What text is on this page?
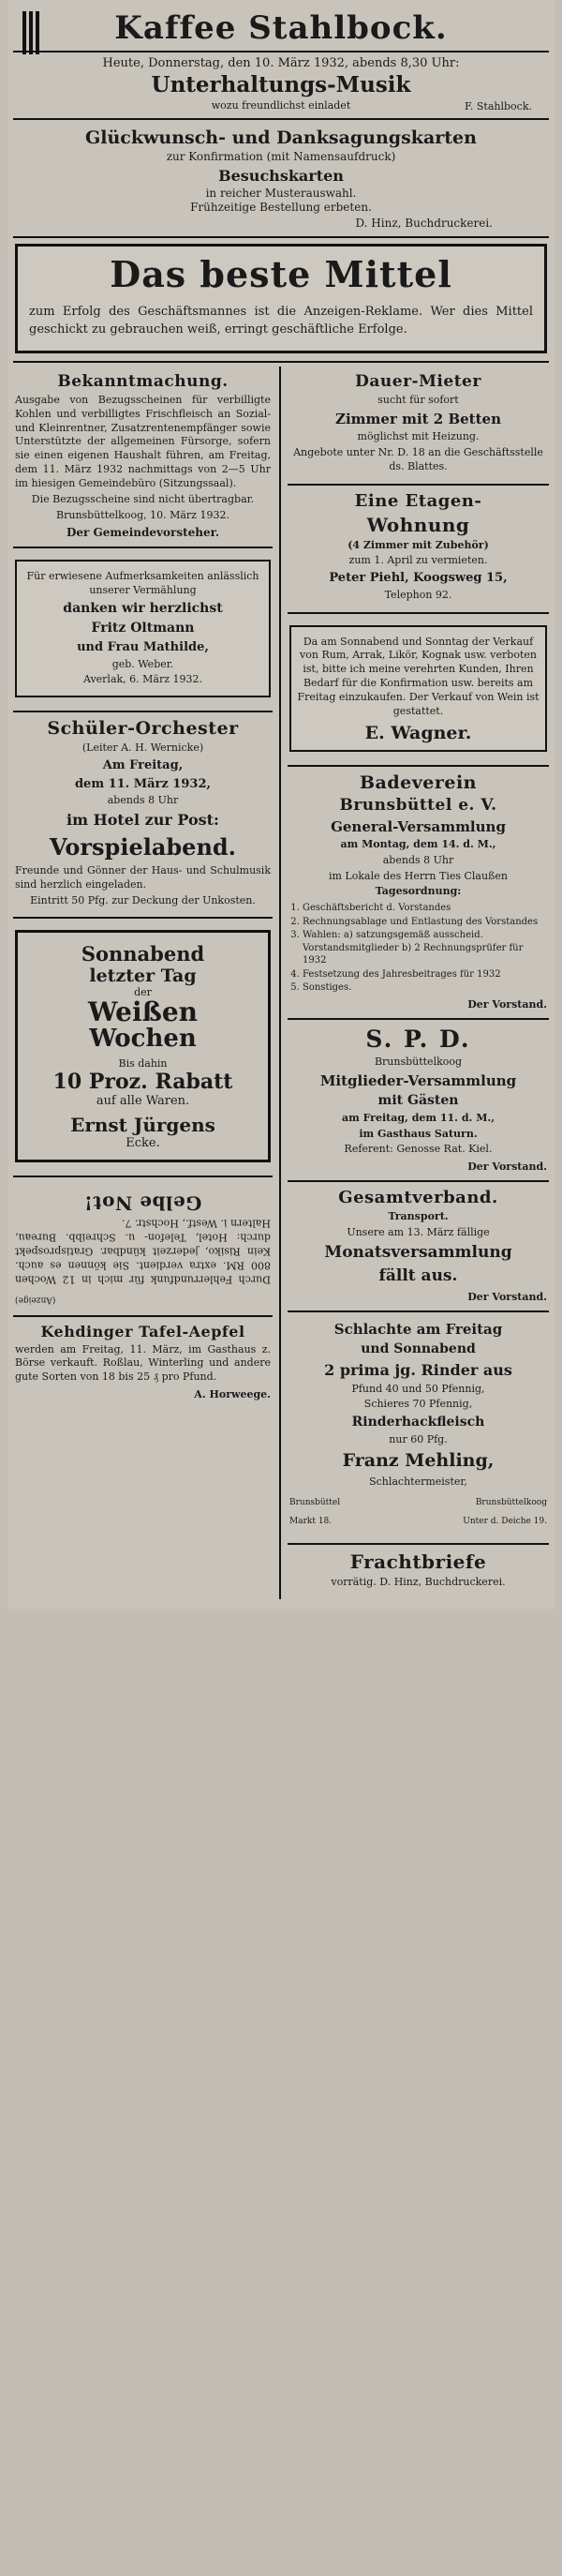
Kaffee Stahlbock.
Heute, Donnerstag, den 10. März 1932, abends 8,30 Uhr:
Unterhaltungs-Musik
wozu freundlichst einladet	F. Stahlbock.
Glückwunsch- und Danksagungskarten
zur Konfirmation (mit Namensaufdruck)
Besuchskarten
in reicher Musterauswahl.
Frühzeitige Bestellung erbeten.
D. Hinz, Buchdruckerei.
Das beste Mittel
zum Erfolg des Geschäftsmannes ist die Anzeigen-Reklame. Wer dies Mittel geschickt zu gebrauchen weiß, erringt geschäftliche Erfolge.
Bekanntmachung.

Ausgabe von Bezugsscheinen für verbilligte Kohlen und verbilligtes Frischfleisch an Sozial- und Kleinrentner, Zusatzrentenempfänger sowie Unterstützte der allgemeinen Fürsorge, sofern sie einen eigenen Haushalt führen, am Freitag, dem 11. März 1932 nachmittags von 2—5 Uhr im hiesigen Gemeindebüro (Sitzungssaal).

Die Bezugsscheine sind nicht übertragbar.

Brunsbüttelkoog, 10. März 1932.

Der Gemeindevorsteher.

Für erwiesene Aufmerksamkeiten anlässlich unserer Vermählung

danken wir herzlichst

Fritz Oltmann

und Frau Mathilde,

geb. Weber.

Averlak, 6. März 1932.

Schüler-Orchester

(Leiter A. H. Wernicke)

Am Freitag,

dem 11. März 1932,

abends 8 Uhr

im Hotel zur Post:

Vorspielabend.

Freunde und Gönner der Haus- und Schulmusik sind herzlich eingeladen.

Eintritt 50 Pfg. zur Deckung der Unkosten.

Sonnabend
letzter Tag
der
Weißen
Wochen
Bis dahin
10 Proz. Rabatt
auf alle Waren.
Ernst Jürgens
Ecke.

(Anzeige)

Durch Fehlerrundfunk für mich in 12 Wochen 800 RM. extra verdient. Sie können es auch. Kein Risiko, jederzeit kündbar. Gratisprospekt durch: Hotel, Telefon- u. Schreibb. Bureau, Haltern i. Westf., Hochstr. 7.

Gelbe Not!
Kehdinger Tafel-Aepfel

werden am Freitag, 11. März, im Gasthaus z. Börse verkauft. Roßlau, Winterling und andere gute Sorten von 18 bis 25 ₰ pro Pfund.

A. Horweege.
Dauer-Mieter

sucht für sofort

Zimmer mit 2 Betten

möglichst mit Heizung.

Angebote unter Nr. D. 18 an die Geschäftsstelle ds. Blattes.

Eine Etagen-
Wohnung

(4 Zimmer mit Zubehör)

zum 1. April zu vermieten.

Peter Piehl, Koogsweg 15,

Telephon 92.

Da am Sonnabend und Sonntag der Verkauf von Rum, Arrak, Likör, Kognak usw. verboten ist, bitte ich meine verehrten Kunden, Ihren Bedarf für die Konfirmation usw. bereits am Freitag einzukaufen. Der Verkauf von Wein ist gestattet.

E. Wagner.
Badeverein
Brunsbüttel e. V.

General-Versammlung

am Montag, dem 14. d. M.,

abends 8 Uhr

im Lokale des Herrn Ties Claußen

Tagesordnung:

1. Geschäftsbericht d. Vorstandes
2. Rechnungsablage und Entlastung des Vorstandes
3. Wahlen: a) satzungsgemäß ausscheid. Vorstandsmitglieder b) 2 Rechnungsprüfer für 1932
4. Festsetzung des Jahresbeitrages für 1932
5. Sonstiges.
Der Vorstand.
S. P. D.

Brunsbüttelkoog

Mitglieder-Versammlung

mit Gästen

am Freitag, dem 11. d. M.,

im Gasthaus Saturn.

Referent: Genosse Rat. Kiel.

Der Vorstand.
Gesamtverband.

Transport.

Unsere am 13. März fällige

Monatsversammlung

fällt aus.

Der Vorstand.

Schlachte am Freitag

und Sonnabend

2 prima jg. Rinder aus

Pfund 40 und 50 Pfennig,

Schieres 70 Pfennig,

Rinderhackfleisch

nur 60 Pfg.

Franz Mehling,

Schlachtermeister,

Brunsbüttel	Brunsbüttelkoog

Markt 18.	Unter d. Deiche 19.

Frachtbriefe

vorrätig. D. Hinz, Buchdruckerei.
